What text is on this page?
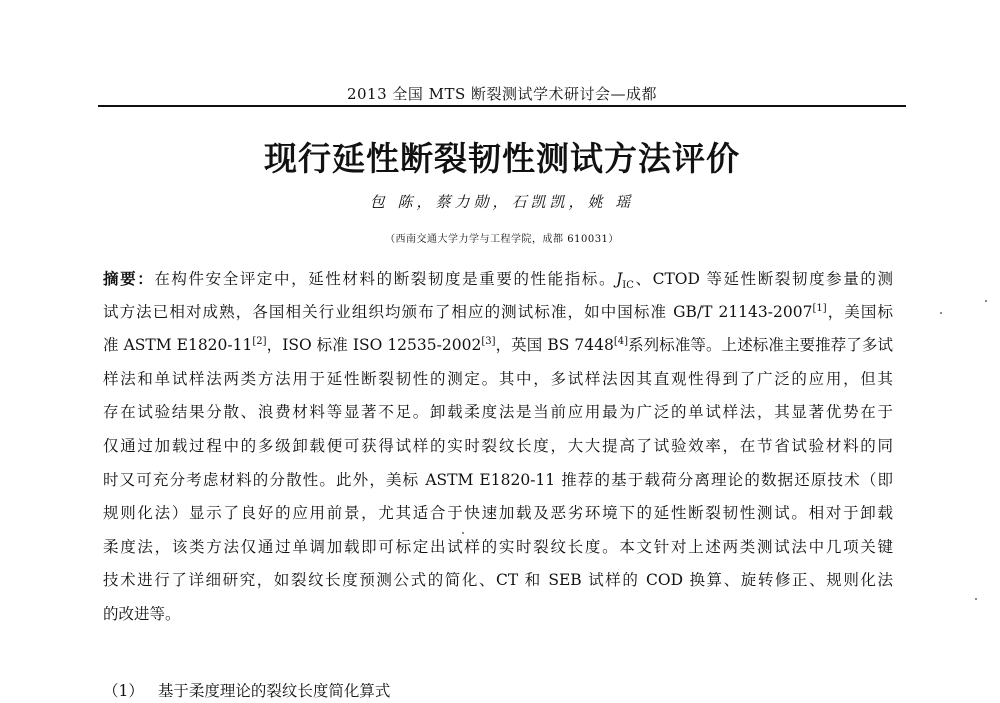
2013 全国 MTS 断裂测试学术研讨会—成都
现行延性断裂韧性测试方法评价
包 陈，蔡力勋，石凯凯，姚 瑶
（西南交通大学力学与工程学院，成都 610031）
摘要：在构件安全评定中，延性材料的断裂韧度是重要的性能指标。$J_{IC}$、CTOD 等延性断裂韧度参量的测
试方法已相对成熟，各国相关行业组织均颁布了相应的测试标准，如中国标准 GB/T 21143-2007[1]，美国标
准 ASTM E1820-11[2]，ISO 标准 ISO 12535-2002[3]，英国 BS 7448[4]系列标准等。上述标准主要推荐了多试
样法和单试样法两类方法用于延性断裂韧性的测定。其中，多试样法因其直观性得到了广泛的应用，但其
存在试验结果分散、浪费材料等显著不足。卸载柔度法是当前应用最为广泛的单试样法，其显著优势在于
仅通过加载过程中的多级卸载便可获得试样的实时裂纹长度，大大提高了试验效率，在节省试验材料的同
时又可充分考虑材料的分散性。此外，美标 ASTM E1820-11 推荐的基于载荷分离理论的数据还原技术（即
规则化法）显示了良好的应用前景，尤其适合于快速加载及恶劣环境下的延性断裂韧性测试。相对于卸载
柔度法，该类方法仅通过单调加载即可标定出试样的实时裂纹长度。本文针对上述两类测试法中几项关键
技术进行了详细研究，如裂纹长度预测公式的简化、CT 和 SEB 试样的 COD 换算、旋转修正、规则化法
的改进等。
（1） 基于柔度理论的裂纹长度简化算式
